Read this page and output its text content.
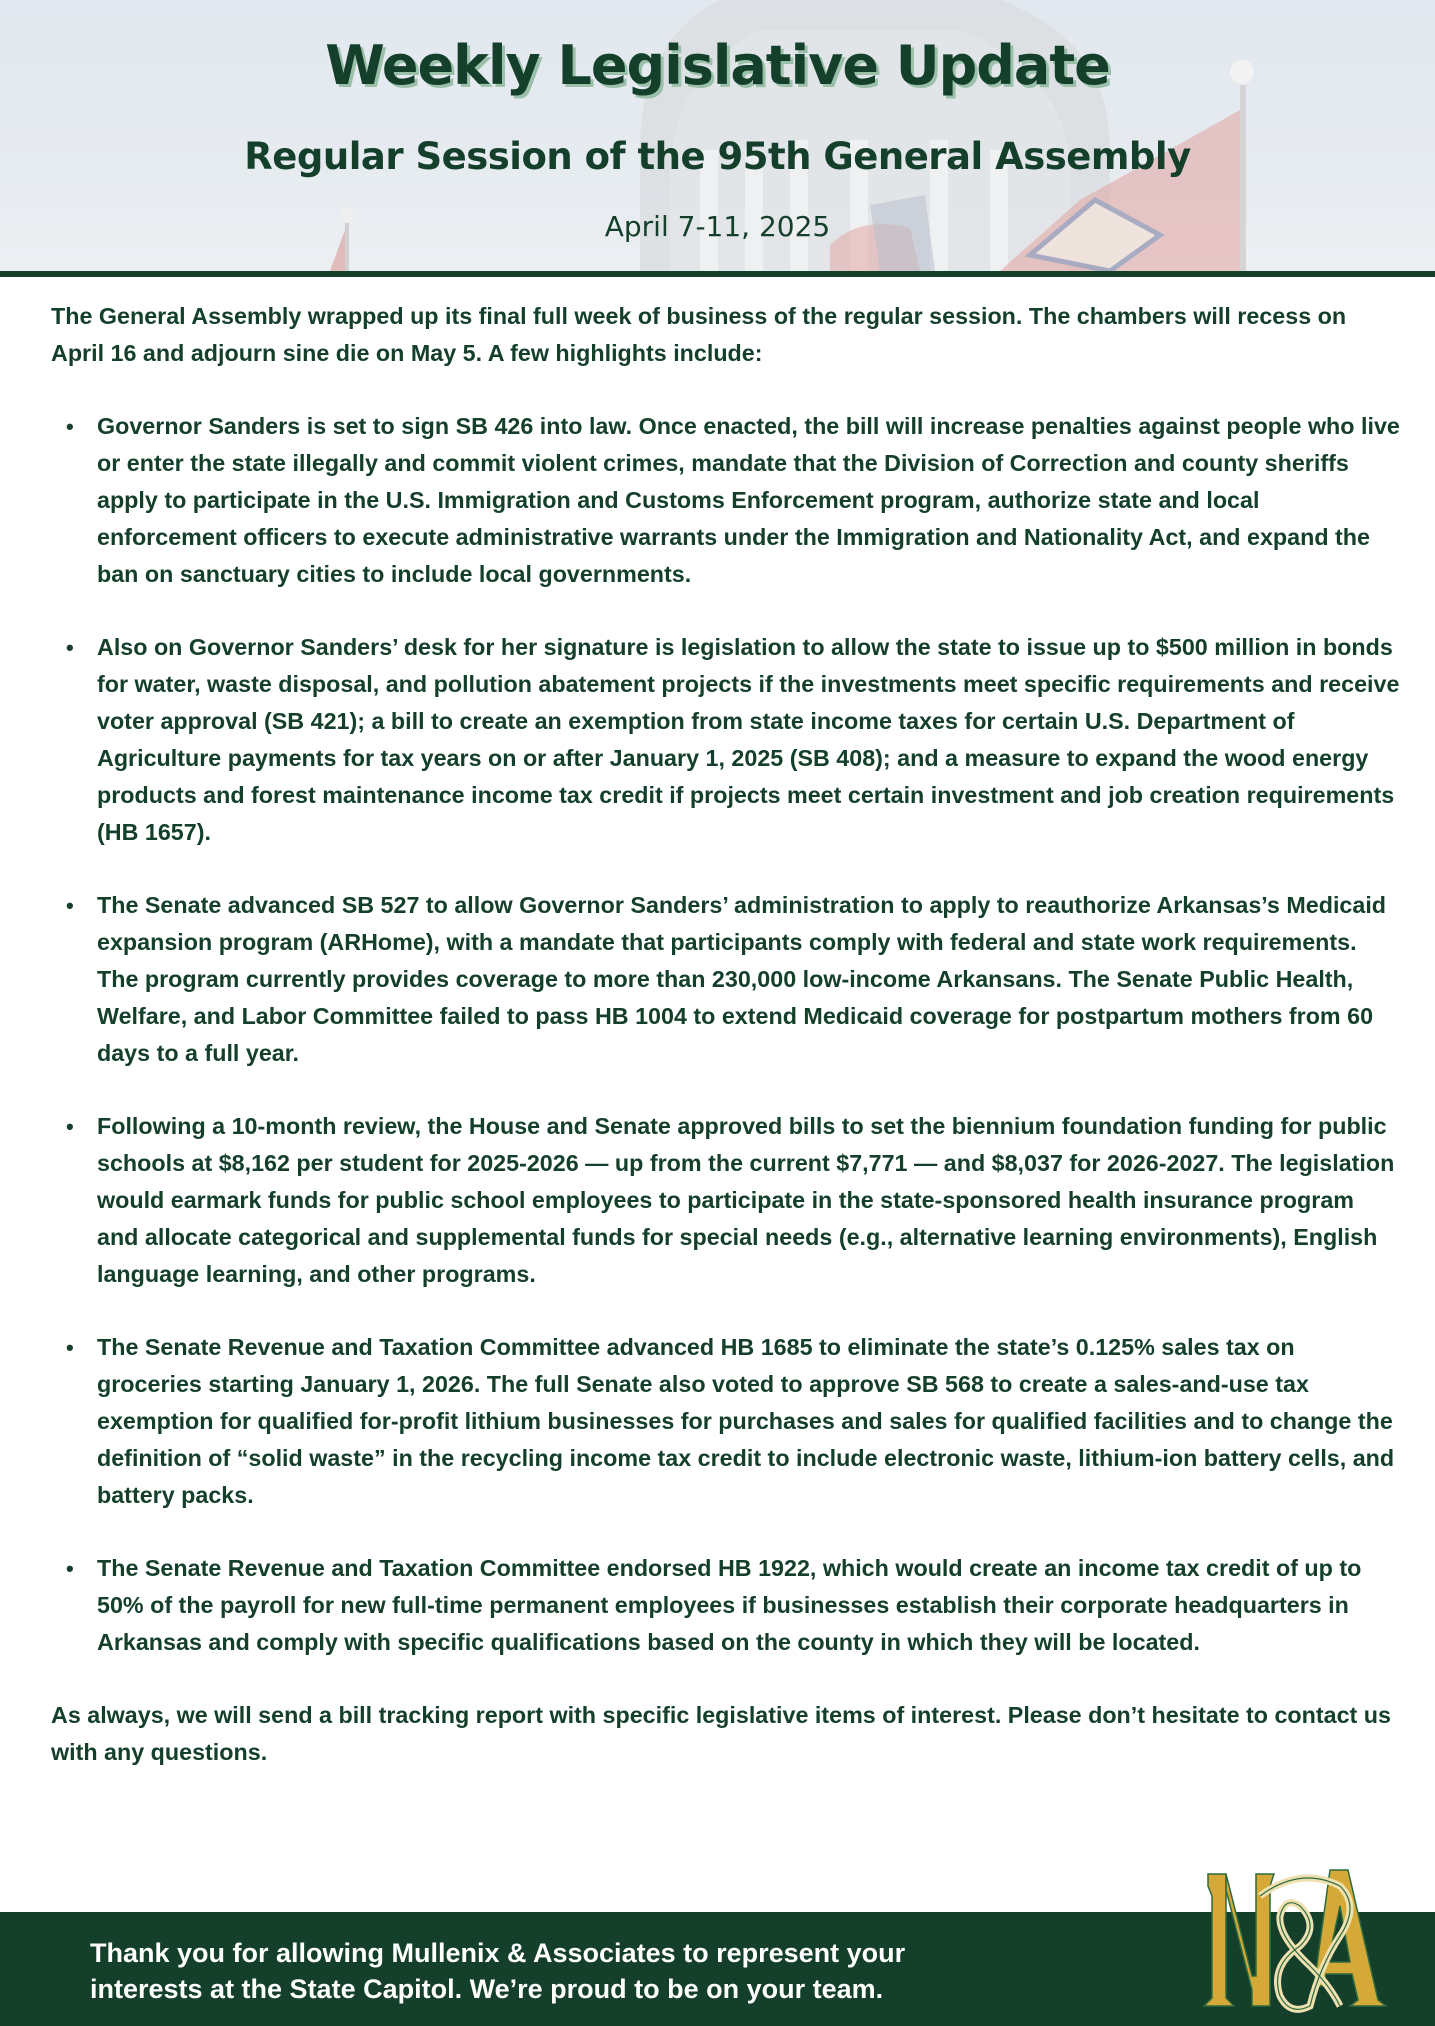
Weekly Legislative Update
Regular Session of the 95th General Assembly
April 7-11, 2025

The General Assembly wrapped up its final full week of business of the regular session. The chambers will recess on April 16 and adjourn sine die on May 5. A few highlights include:

• Governor Sanders is set to sign SB 426 into law. Once enacted, the bill will increase penalties against people who live or enter the state illegally and commit violent crimes, mandate that the Division of Correction and county sheriffs apply to participate in the U.S. Immigration and Customs Enforcement program, authorize state and local enforcement officers to execute administrative warrants under the Immigration and Nationality Act, and expand the ban on sanctuary cities to include local governments.
• Also on Governor Sanders’ desk for her signature is legislation to allow the state to issue up to $500 million in bonds for water, waste disposal, and pollution abatement projects if the investments meet specific requirements and receive voter approval (SB 421); a bill to create an exemption from state income taxes for certain U.S. Department of Agriculture payments for tax years on or after January 1, 2025 (SB 408); and a measure to expand the wood energy products and forest maintenance income tax credit if projects meet certain investment and job creation requirements (HB 1657).
• The Senate advanced SB 527 to allow Governor Sanders’ administration to apply to reauthorize Arkansas’s Medicaid expansion program (ARHome), with a mandate that participants comply with federal and state work requirements. The program currently provides coverage to more than 230,000 low-income Arkansans. The Senate Public Health, Welfare, and Labor Committee failed to pass HB 1004 to extend Medicaid coverage for postpartum mothers from 60 days to a full year.
• Following a 10-month review, the House and Senate approved bills to set the biennium foundation funding for public schools at $8,162 per student for 2025-2026 — up from the current $7,771 — and $8,037 for 2026-2027. The legislation would earmark funds for public school employees to participate in the state-sponsored health insurance program and allocate categorical and supplemental funds for special needs (e.g., alternative learning environments), English language learning, and other programs.
• The Senate Revenue and Taxation Committee advanced HB 1685 to eliminate the state’s 0.125% sales tax on groceries starting January 1, 2026. The full Senate also voted to approve SB 568 to create a sales-and-use tax exemption for qualified for-profit lithium businesses for purchases and sales for qualified facilities and to change the definition of “solid waste” in the recycling income tax credit to include electronic waste, lithium-ion battery cells, and battery packs.
• The Senate Revenue and Taxation Committee endorsed HB 1922, which would create an income tax credit of up to 50% of the payroll for new full-time permanent employees if businesses establish their corporate headquarters in Arkansas and comply with specific qualifications based on the county in which they will be located.

As always, we will send a bill tracking report with specific legislative items of interest. Please don’t hesitate to contact us with any questions.

Thank you for allowing Mullenix & Associates to represent your
interests at the State Capitol. We’re proud to be on your team.
